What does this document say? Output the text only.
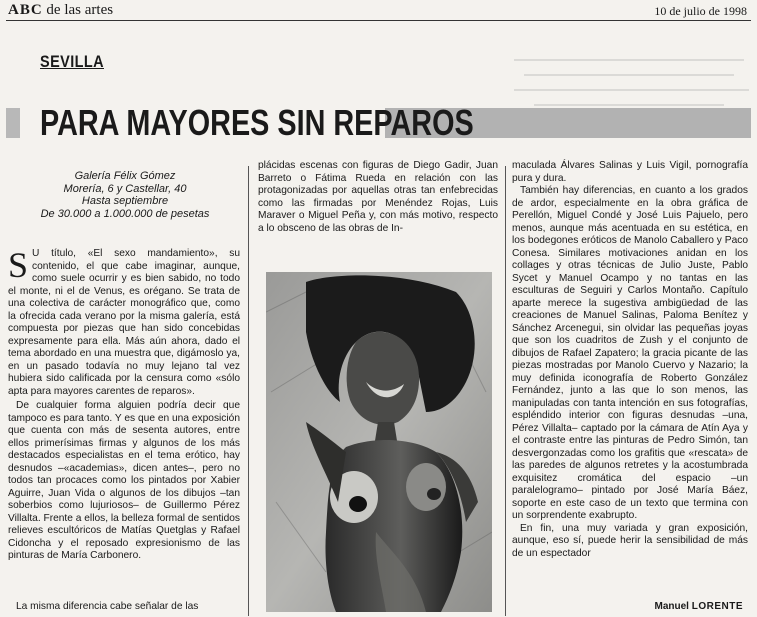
ABC de las artes	10 de julio de 1998
SEVILLA
PARA MAYORES SIN REPAROS
Galería Félix Gómez
Morería, 6 y Castellar, 40
Hasta septiembre
De 30.000 a 1.000.000 de pesetas

S U título, «El sexo mandamiento», su contenido, el que cabe imaginar, aunque, como suele ocurrir y es bien sabido, no todo el monte, ni el de Venus, es orégano. Se trata de una colectiva de carácter monográfico que, como la ofrecida cada verano por la misma galería, está compuesta por piezas que han sido concebidas expresamente para ella. Más aún ahora, dado el tema abordado en una muestra que, digámoslo ya, en un pasado todavía no muy lejano tal vez hubiera sido calificada por la censura como «sólo apta para mayores carentes de reparos».

De cualquier forma alguien podría decir que tampoco es para tanto. Y es que en una exposición que cuenta con más de sesenta autores, entre ellos primerísimas firmas y algunos de los más destacados especialistas en el tema erótico, hay desnudos –«academias», dicen antes–, pero no todos tan procaces como los pintados por Xabier Aguirre, Juan Vida o algunos de los dibujos –tan soberbios como lujuriosos– de Guillermo Pérez Villalta. Frente a ellos, la belleza formal de sentidos relieves escultóricos de Matías Quetglas y Rafael Cidoncha y el reposado expresionismo de las pinturas de María Carbonero.

La misma diferencia cabe señalar de las

plácidas escenas con figuras de Diego Gadir, Juan Barreto o Fátima Rueda en relación con las protagonizadas por aquellas otras tan enfebrecidas como las firmadas por Menéndez Rojas, Luis Maraver o Miguel Peña y, con más motivo, respecto a lo obsceno de las obras de In-

maculada Álvares Salinas y Luis Vigil, pornografía pura y dura.

También hay diferencias, en cuanto a los grados de ardor, especialmente en la obra gráfica de Perellón, Miguel Condé y José Luis Pajuelo, pero menos, aunque más acentuada en su estética, en los bodegones eróticos de Manolo Caballero y Paco Conesa. Similares motivaciones anidan en los collages y otras técnicas de Julio Juste, Pablo Sycet y Manuel Ocampo y no tantas en las esculturas de Seguiri y Carlos Montaño. Capítulo aparte merece la sugestiva ambigüedad de las creaciones de Manuel Salinas, Paloma Benítez y Sánchez Arcenegui, sin olvidar las pequeñas joyas que son los cuadritos de Zush y el conjunto de dibujos de Rafael Zapatero; la gracia picante de las piezas mostradas por Manolo Cuervo y Nazario; la muy definida iconografía de Roberto González Fernández, junto a las que lo son menos, las manipuladas con tanta intención en sus fotografías, espléndido interior con figuras desnudas –una, Pérez Villalta– captado por la cámara de Atín Aya y el contraste entre las pinturas de Pedro Simón, tan desvergonzadas como los grafitis que «rescata» de las paredes de algunos retretes y la acostumbrada exquisitez cromática del espacio –un paralelogramo– pintado por José María Báez, soporte en este caso de un texto que termina con un sorprendente exabrupto.

En fin, una muy variada y gran exposición, aunque, eso sí, puede herir la sensibilidad de más de un espectador

Manuel LORENTE
